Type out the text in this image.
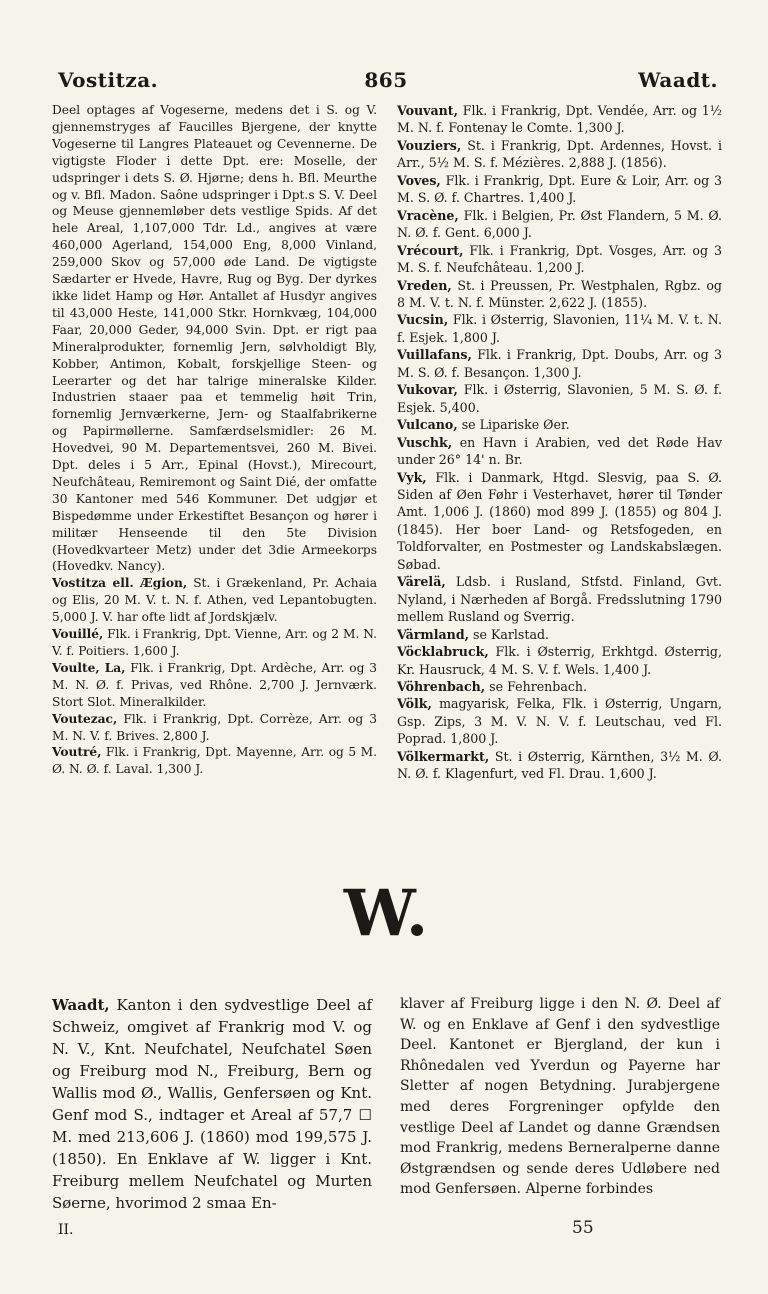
Vostitza.	865	Waadt.

Deel optages af Vogeserne, medens det i S. og V. gjennemstryges af Faucilles Bjergene, der knytte Vogeserne til Langres Plateauet og Cevennerne. De vigtigste Floder i dette Dpt. ere: Moselle, der udspringer i dets S. Ø. Hjørne; dens h. Bfl. Meurthe og v. Bfl. Madon. Saône udspringer i Dpt.s S. V. Deel og Meuse gjennemløber dets vestlige Spids. Af det hele Areal, 1,107,000 Tdr. Ld., angives at være 460,000 Agerland, 154,000 Eng, 8,000 Vinland, 259,000 Skov og 57,000 øde Land. De vigtigste Sædarter er Hvede, Havre, Rug og Byg. Der dyrkes ikke lidet Hamp og Hør. Antallet af Husdyr angives til 43,000 Heste, 141,000 Stkr. Hornkvæg, 104,000 Faar, 20,000 Geder, 94,000 Svin. Dpt. er rigt paa Mineralprodukter, fornemlig Jern, sølvholdigt Bly, Kobber, Antimon, Kobalt, forskjellige Steen- og Leerarter og det har talrige mineralske Kilder. Industrien staaer paa et temmelig høit Trin, fornemlig Jernværkerne, Jern- og Staalfabrikerne og Papirmøllerne. Samfærdselsmidler: 26 M. Hovedvei, 90 M. Departementsvei, 260 M. Bivei. Dpt. deles i 5 Arr., Epinal (Hovst.), Mirecourt, Neufchâteau, Remiremont og Saint Dié, der omfatte 30 Kantoner med 546 Kommuner. Det udgjør et Bispedømme under Erkestiftet Besançon og hører i militær Henseende til den 5te Division (Hovedkvarteer Metz) under det 3die Armeekorps (Hovedkv. Nancy).

Vostitza ell. Ægion, St. i Grækenland, Pr. Achaia og Elis, 20 M. V. t. N. f. Athen, ved Lepantobugten. 5,000 J. V. har ofte lidt af Jordskjælv.

Vouillé, Flk. i Frankrig, Dpt. Vienne, Arr. og 2 M. N. V. f. Poitiers. 1,600 J.

Voulte, La, Flk. i Frankrig, Dpt. Ardèche, Arr. og 3 M. N. Ø. f. Privas, ved Rhône. 2,700 J. Jernværk. Stort Slot. Mineralkilder.

Voutezac, Flk. i Frankrig, Dpt. Corrèze, Arr. og 3 M. N. V. f. Brives. 2,800 J.

Voutré, Flk. i Frankrig, Dpt. Mayenne, Arr. og 5 M. Ø. N. Ø. f. Laval. 1,300 J.

Vouvant, Flk. i Frankrig, Dpt. Vendée, Arr. og 1½ M. N. f. Fontenay le Comte. 1,300 J.

Vouziers, St. i Frankrig, Dpt. Ardennes, Hovst. i Arr., 5½ M. S. f. Mézières. 2,888 J. (1856).

Voves, Flk. i Frankrig, Dpt. Eure & Loir, Arr. og 3 M. S. Ø. f. Chartres. 1,400 J.

Vracène, Flk. i Belgien, Pr. Øst Flandern, 5 M. Ø. N. Ø. f. Gent. 6,000 J.

Vrécourt, Flk. i Frankrig, Dpt. Vosges, Arr. og 3 M. S. f. Neufchâteau. 1,200 J.

Vreden, St. i Preussen, Pr. Westphalen, Rgbz. og 8 M. V. t. N. f. Münster. 2,622 J. (1855).

Vucsin, Flk. i Østerrig, Slavonien, 11¼ M. V. t. N. f. Esjek. 1,800 J.

Vuillafans, Flk. i Frankrig, Dpt. Doubs, Arr. og 3 M. S. Ø. f. Besançon. 1,300 J.

Vukovar, Flk. i Østerrig, Slavonien, 5 M. S. Ø. f. Esjek. 5,400.

Vulcano, se Lipariske Øer.

Vuschk, en Havn i Arabien, ved det Røde Hav under 26° 14' n. Br.

Vyk, Flk. i Danmark, Htgd. Slesvig, paa S. Ø. Siden af Øen Føhr i Vesterhavet, hører til Tønder Amt. 1,006 J. (1860) mod 899 J. (1855) og 804 J. (1845). Her boer Land- og Retsfogeden, en Toldforvalter, en Postmester og Landskabslægen. Søbad.

Värelä, Ldsb. i Rusland, Stfstd. Finland, Gvt. Nyland, i Nærheden af Borgå. Fredsslutning 1790 mellem Rusland og Sverrig.

Värmland, se Karlstad.

Vöcklabruck, Flk. i Østerrig, Erkhtgd. Østerrig, Kr. Hausruck, 4 M. S. V. f. Wels. 1,400 J.

Vöhrenbach, se Fehrenbach.

Völk, magyarisk, Felka, Flk. i Østerrig, Ungarn, Gsp. Zips, 3 M. V. N. V. f. Leutschau, ved Fl. Poprad. 1,800 J.

Völkermarkt, St. i Østerrig, Kärnthen, 3½ M. Ø. N. Ø. f. Klagenfurt, ved Fl. Drau. 1,600 J.

W.
Waadt, Kanton i den sydvestlige Deel af Schweiz, omgivet af Frankrig mod V. og N. V., Knt. Neufchatel, Neufchatel Søen og Freiburg mod N., Freiburg, Bern og Wallis mod Ø., Wallis, Genfersøen og Knt. Genf mod S., indtager et Areal af 57,7 ☐ M. med 213,606 J. (1860) mod 199,575 J. (1850). En Enklave af W. ligger i Knt. Freiburg mellem Neufchatel og Murten Søerne, hvorimod 2 smaa En-
klaver af Freiburg ligge i den N. Ø. Deel af W. og en Enklave af Genf i den sydvestlige Deel. Kantonet er Bjergland, der kun i Rhônedalen ved Yverdun og Payerne har Sletter af nogen Betydning. Jurabjergene med deres Forgreninger opfylde den vestlige Deel af Landet og danne Grændsen mod Frankrig, medens Berneralperne danne Østgrændsen og sende deres Udløbere ned mod Genfersøen. Alperne forbindes
II.	55
